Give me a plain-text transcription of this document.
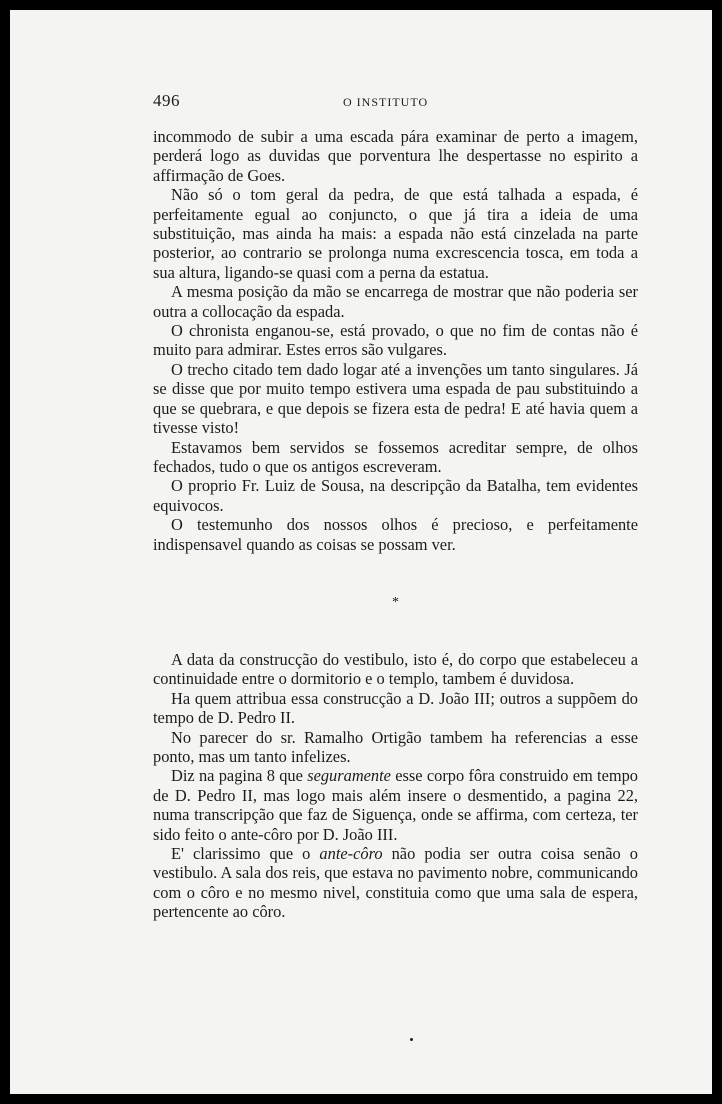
496	O INSTITUTO

incommodo de subir a uma escada pára examinar de perto a imagem, perderá logo as duvidas que porventura lhe despertasse no espirito a affirmação de Goes.

Não só o tom geral da pedra, de que está talhada a espada, é perfeitamente egual ao conjuncto, o que já tira a ideia de uma substituição, mas ainda ha mais: a espada não está cinzelada na parte posterior, ao contrario se prolonga numa excrescencia tosca, em toda a sua altura, ligando-se quasi com a perna da estatua.

A mesma posição da mão se encarrega de mostrar que não poderia ser outra a collocação da espada.

O chronista enganou-se, está provado, o que no fim de contas não é muito para admirar. Estes erros são vulgares.

O trecho citado tem dado logar até a invenções um tanto singulares. Já se disse que por muito tempo estivera uma espada de pau substituindo a que se quebrara, e que depois se fizera esta de pedra! E até havia quem a tivesse visto!

Estavamos bem servidos se fossemos acreditar sempre, de olhos fechados, tudo o que os antigos escreveram.

O proprio Fr. Luiz de Sousa, na descripção da Batalha, tem evidentes equivocos.

O testemunho dos nossos olhos é precioso, e perfeitamente indispensavel quando as coisas se possam ver.

*

A data da construcção do vestibulo, isto é, do corpo que estabeleceu a continuidade entre o dormitorio e o templo, tambem é duvidosa.

Ha quem attribua essa construcção a D. João III; outros a suppõem do tempo de D. Pedro II.

No parecer do sr. Ramalho Ortigão tambem ha referencias a esse ponto, mas um tanto infelizes.

Diz na pagina 8 que seguramente esse corpo fôra construido em tempo de D. Pedro II, mas logo mais além insere o desmentido, a pagina 22, numa transcripção que faz de Siguença, onde se affirma, com certeza, ter sido feito o ante-côro por D. João III.

E' clarissimo que o ante-côro não podia ser outra coisa senão o vestibulo. A sala dos reis, que estava no pavimento nobre, communicando com o côro e no mesmo nivel, constituia como que uma sala de espera, pertencente ao côro.
